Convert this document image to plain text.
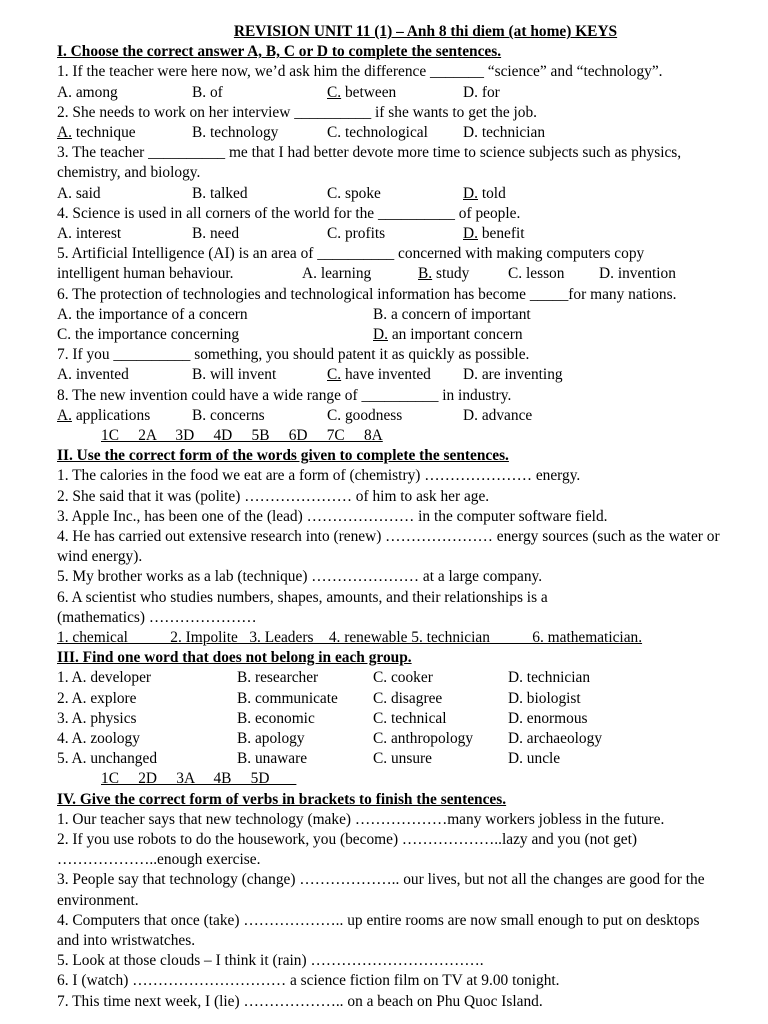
REVISION UNIT 11 (1) – Anh 8 thi diem (at home) KEYS
I. Choose the correct answer A, B, C or D to complete the sentences.
1. If the teacher were here now, we’d ask him the difference _______ “science” and “technology”.
A. among	B. of	C. between	D. for
2. She needs to work on her interview __________ if she wants to get the job.
A. technique	B. technology	C. technological D. technician
3. The teacher __________ me that I had better devote more time to science subjects such as physics,
chemistry, and biology.
A. said	B. talked	C. spoke	D. told
4. Science is used in all corners of the world for the __________ of people.
A. interest	B. need	C. profits	D. benefit
5. Artificial Intelligence (AI) is an area of __________ concerned with making computers copy
intelligent human behaviour.	A. learning	B. study	C. lesson D. invention
6. The protection of technologies and technological information has become _____for many nations.
A. the importance of a concern	B. a concern of important
C. the importance concerning	D. an important concern
7. If you __________ something, you should patent it as quickly as possible.
A. invented	B. will invent	C. have invented D. are inventing
8. The new invention could have a wide range of __________ in industry.
A. applications	B. concerns	C. goodness	D. advance
1C     2A     3D     4D     5B     6D     7C     8A
II. Use the correct form of the words given to complete the sentences.
1. The calories in the food we eat are a form of (chemistry) ………………… energy.
2. She said that it was (polite) ………………… of him to ask her age.
3. Apple Inc., has been one of the (lead) ………………… in the computer software field.
4. He has carried out extensive research into (renew) ………………… energy sources (such as the water or wind energy).
5. My brother works as a lab (technique) ………………… at a large company.
6. A scientist who studies numbers, shapes, amounts, and their relationships is a (mathematics) …………………
1. chemical           2. Impolite   3. Leaders    4. renewable 5. technician           6. mathematician.
III. Find one word that does not belong in each group.
1. A. developer	B. researcher	C. cooker	D. technician
2. A. explore	B. communicate C. disagree	D. biologist
3. A. physics	B. economic	C. technical	D. enormous
4. A. zoology	B. apology	C. anthropology D. archaeology
5. A. unchanged	B. unaware	C. unsure	D. uncle
1C     2D     3A     4B     5D
IV. Give the correct form of verbs in brackets to finish the sentences.
1. Our teacher says that new technology (make) ………………many workers jobless in the future.
2. If you use robots to do the housework, you (become) ………………..lazy and you (not get) ………………..enough exercise.
3. People say that technology (change) ……………….. our lives, but not all the changes are good for the environment.
4. Computers that once (take) ……………….. up entire rooms are now small enough to put on desktops and into wristwatches.
5. Look at those clouds – I think it (rain) …………………………….
6. I (watch) ………………………… a science fiction film on TV at 9.00 tonight.
7. This time next week, I (lie) ……………….. on a beach on Phu Quoc Island.
